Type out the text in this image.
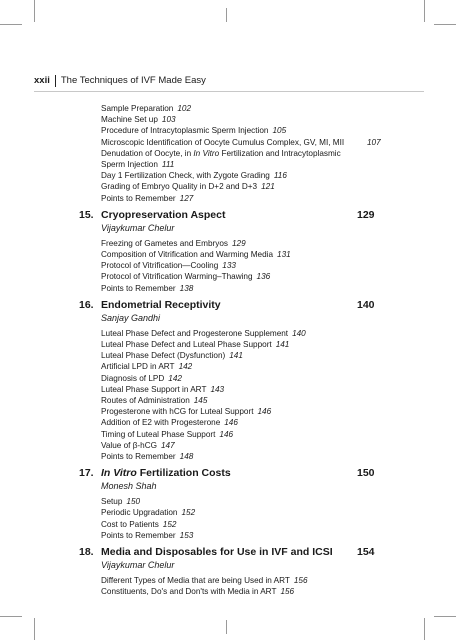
xxii The Techniques of IVF Made Easy
Sample Preparation 102
Machine Set up 103
Procedure of Intracytoplasmic Sperm Injection 105
Microscopic Identification of Oocyte Cumulus Complex, GV, MI, MII	107
Denudation of Oocyte, in In Vitro Fertilization and Intracytoplasmic
Sperm Injection 111
Day 1 Fertilization Check, with Zygote Grading 116
Grading of Embryo Quality in D+2 and D+3 121
Points to Remember 127
15. Cryopreservation Aspect	129
Vijaykumar Chelur
Freezing of Gametes and Embryos 129
Composition of Vitrification and Warming Media 131
Protocol of Vitrification—Cooling 133
Protocol of Vitrification Warming–Thawing 136
Points to Remember 138
16. Endometrial Receptivity	140
Sanjay Gandhi
Luteal Phase Defect and Progesterone Supplement 140
Luteal Phase Defect and Luteal Phase Support 141
Luteal Phase Defect (Dysfunction) 141
Artificial LPD in ART 142
Diagnosis of LPD 142
Luteal Phase Support in ART 143
Routes of Administration 145
Progesterone with hCG for Luteal Support 146
Addition of E2 with Progesterone 146
Timing of Luteal Phase Support 146
Value of β-hCG 147
Points to Remember 148
17. In Vitro Fertilization Costs	150
Monesh Shah
Setup 150
Periodic Upgradation 152
Cost to Patients 152
Points to Remember 153
18. Media and Disposables for Use in IVF and ICSI	154
Vijaykumar Chelur
Different Types of Media that are being Used in ART 156
Constituents, Do's and Don'ts with Media in ART 156
